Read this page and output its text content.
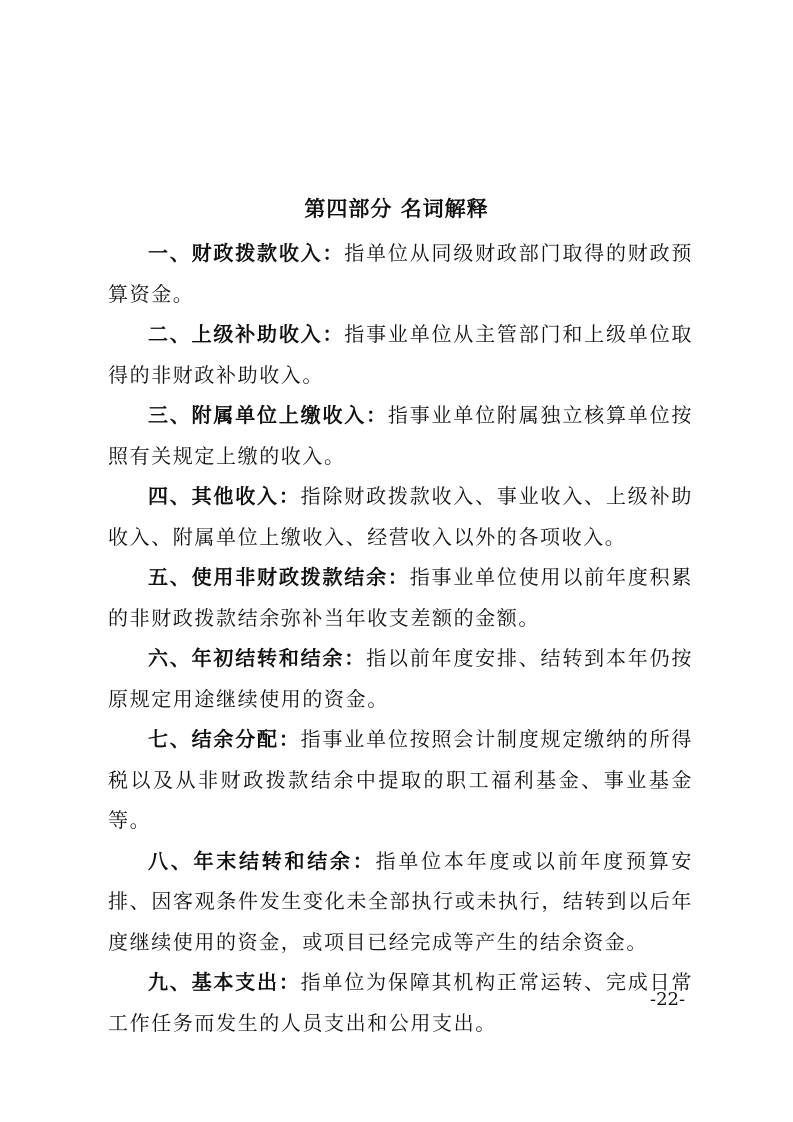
第四部分 名词解释

一、财政拨款收入：指单位从同级财政部门取得的财政预算资金。

二、上级补助收入：指事业单位从主管部门和上级单位取得的非财政补助收入。

三、附属单位上缴收入：指事业单位附属独立核算单位按照有关规定上缴的收入。

四、其他收入：指除财政拨款收入、事业收入、上级补助收入、附属单位上缴收入、经营收入以外的各项收入。

五、使用非财政拨款结余：指事业单位使用以前年度积累的非财政拨款结余弥补当年收支差额的金额。

六、年初结转和结余：指以前年度安排、结转到本年仍按原规定用途继续使用的资金。

七、结余分配：指事业单位按照会计制度规定缴纳的所得税以及从非财政拨款结余中提取的职工福利基金、事业基金等。

八、年末结转和结余：指单位本年度或以前年度预算安排、因客观条件发生变化未全部执行或未执行，结转到以后年度继续使用的资金，或项目已经完成等产生的结余资金。

九、基本支出：指单位为保障其机构正常运转、完成日常工作任务而发生的人员支出和公用支出。

-22-
